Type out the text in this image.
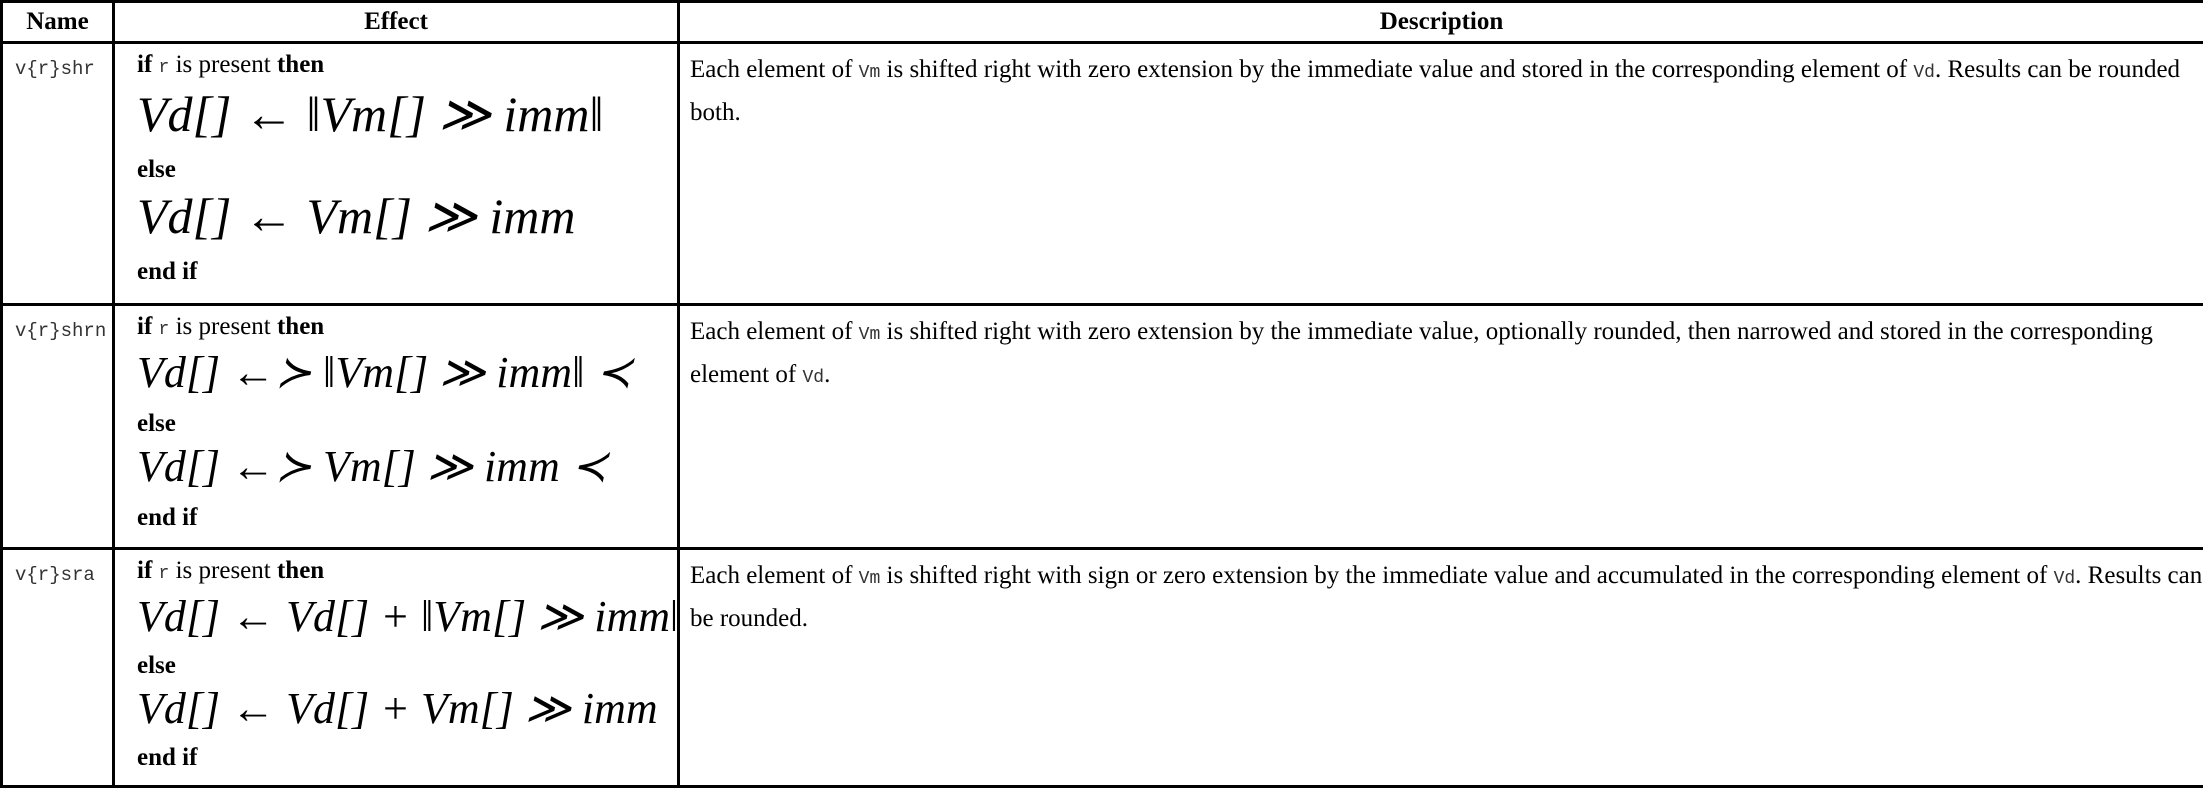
Name	Effect	Description
v{r}shr	if r is present then
Vd[] ← ‖Vm[] ≫ imm‖
else
Vd[] ← Vm[] ≫ imm
end if	Each element of Vm is shifted right with zero extension by the immediate value and stored in the corresponding element of Vd. Results can be rounded both.
v{r}shrn	if r is present then
Vd[] ←≻ ‖Vm[] ≫ imm‖ ≺
else
Vd[] ←≻ Vm[] ≫ imm ≺
end if	Each element of Vm is shifted right with zero extension by the immediate value, optionally rounded, then narrowed and stored in the corresponding element of Vd.
v{r}sra	if r is present then
Vd[] ← Vd[] + ‖Vm[] ≫ imm‖
else
Vd[] ← Vd[] + Vm[] ≫ imm
end if	Each element of Vm is shifted right with sign or zero extension by the immediate value and accumulated in the corresponding element of Vd. Results can be rounded.
